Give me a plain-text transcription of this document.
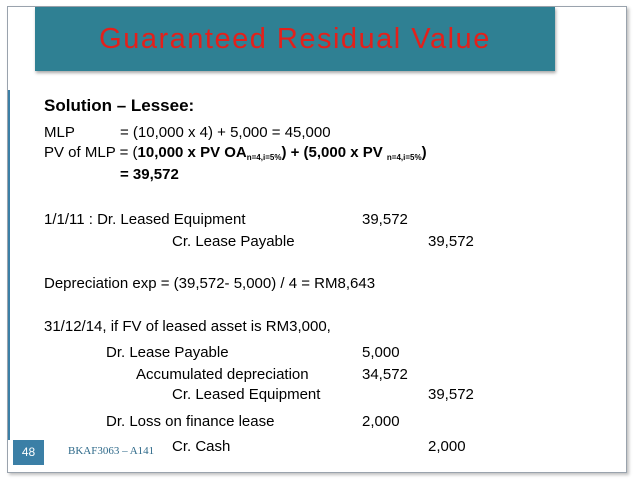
Guaranteed Residual Value
Solution – Lessee:
MLP	= (10,000 x 4) + 5,000 = 45,000
PV of MLP = (10,000 x PV $OA_{n=4,i=5\%}) + (5,000$ x PV $_{n=4,i=5\%}$)
= 39,572
1/1/11 : Dr. Leased Equipment	39,572
Cr. Lease Payable	39,572
Depreciation exp = (39,572- 5,000) / 4 = RM8,643
31/12/14, if FV of leased asset is RM3,000,
Dr. Lease Payable	5,000
Accumulated depreciation	34,572
Cr. Leased Equipment	39,572
Dr. Loss on finance lease	2,000
Cr. Cash	2,000
48	BKAF3063 – A141
